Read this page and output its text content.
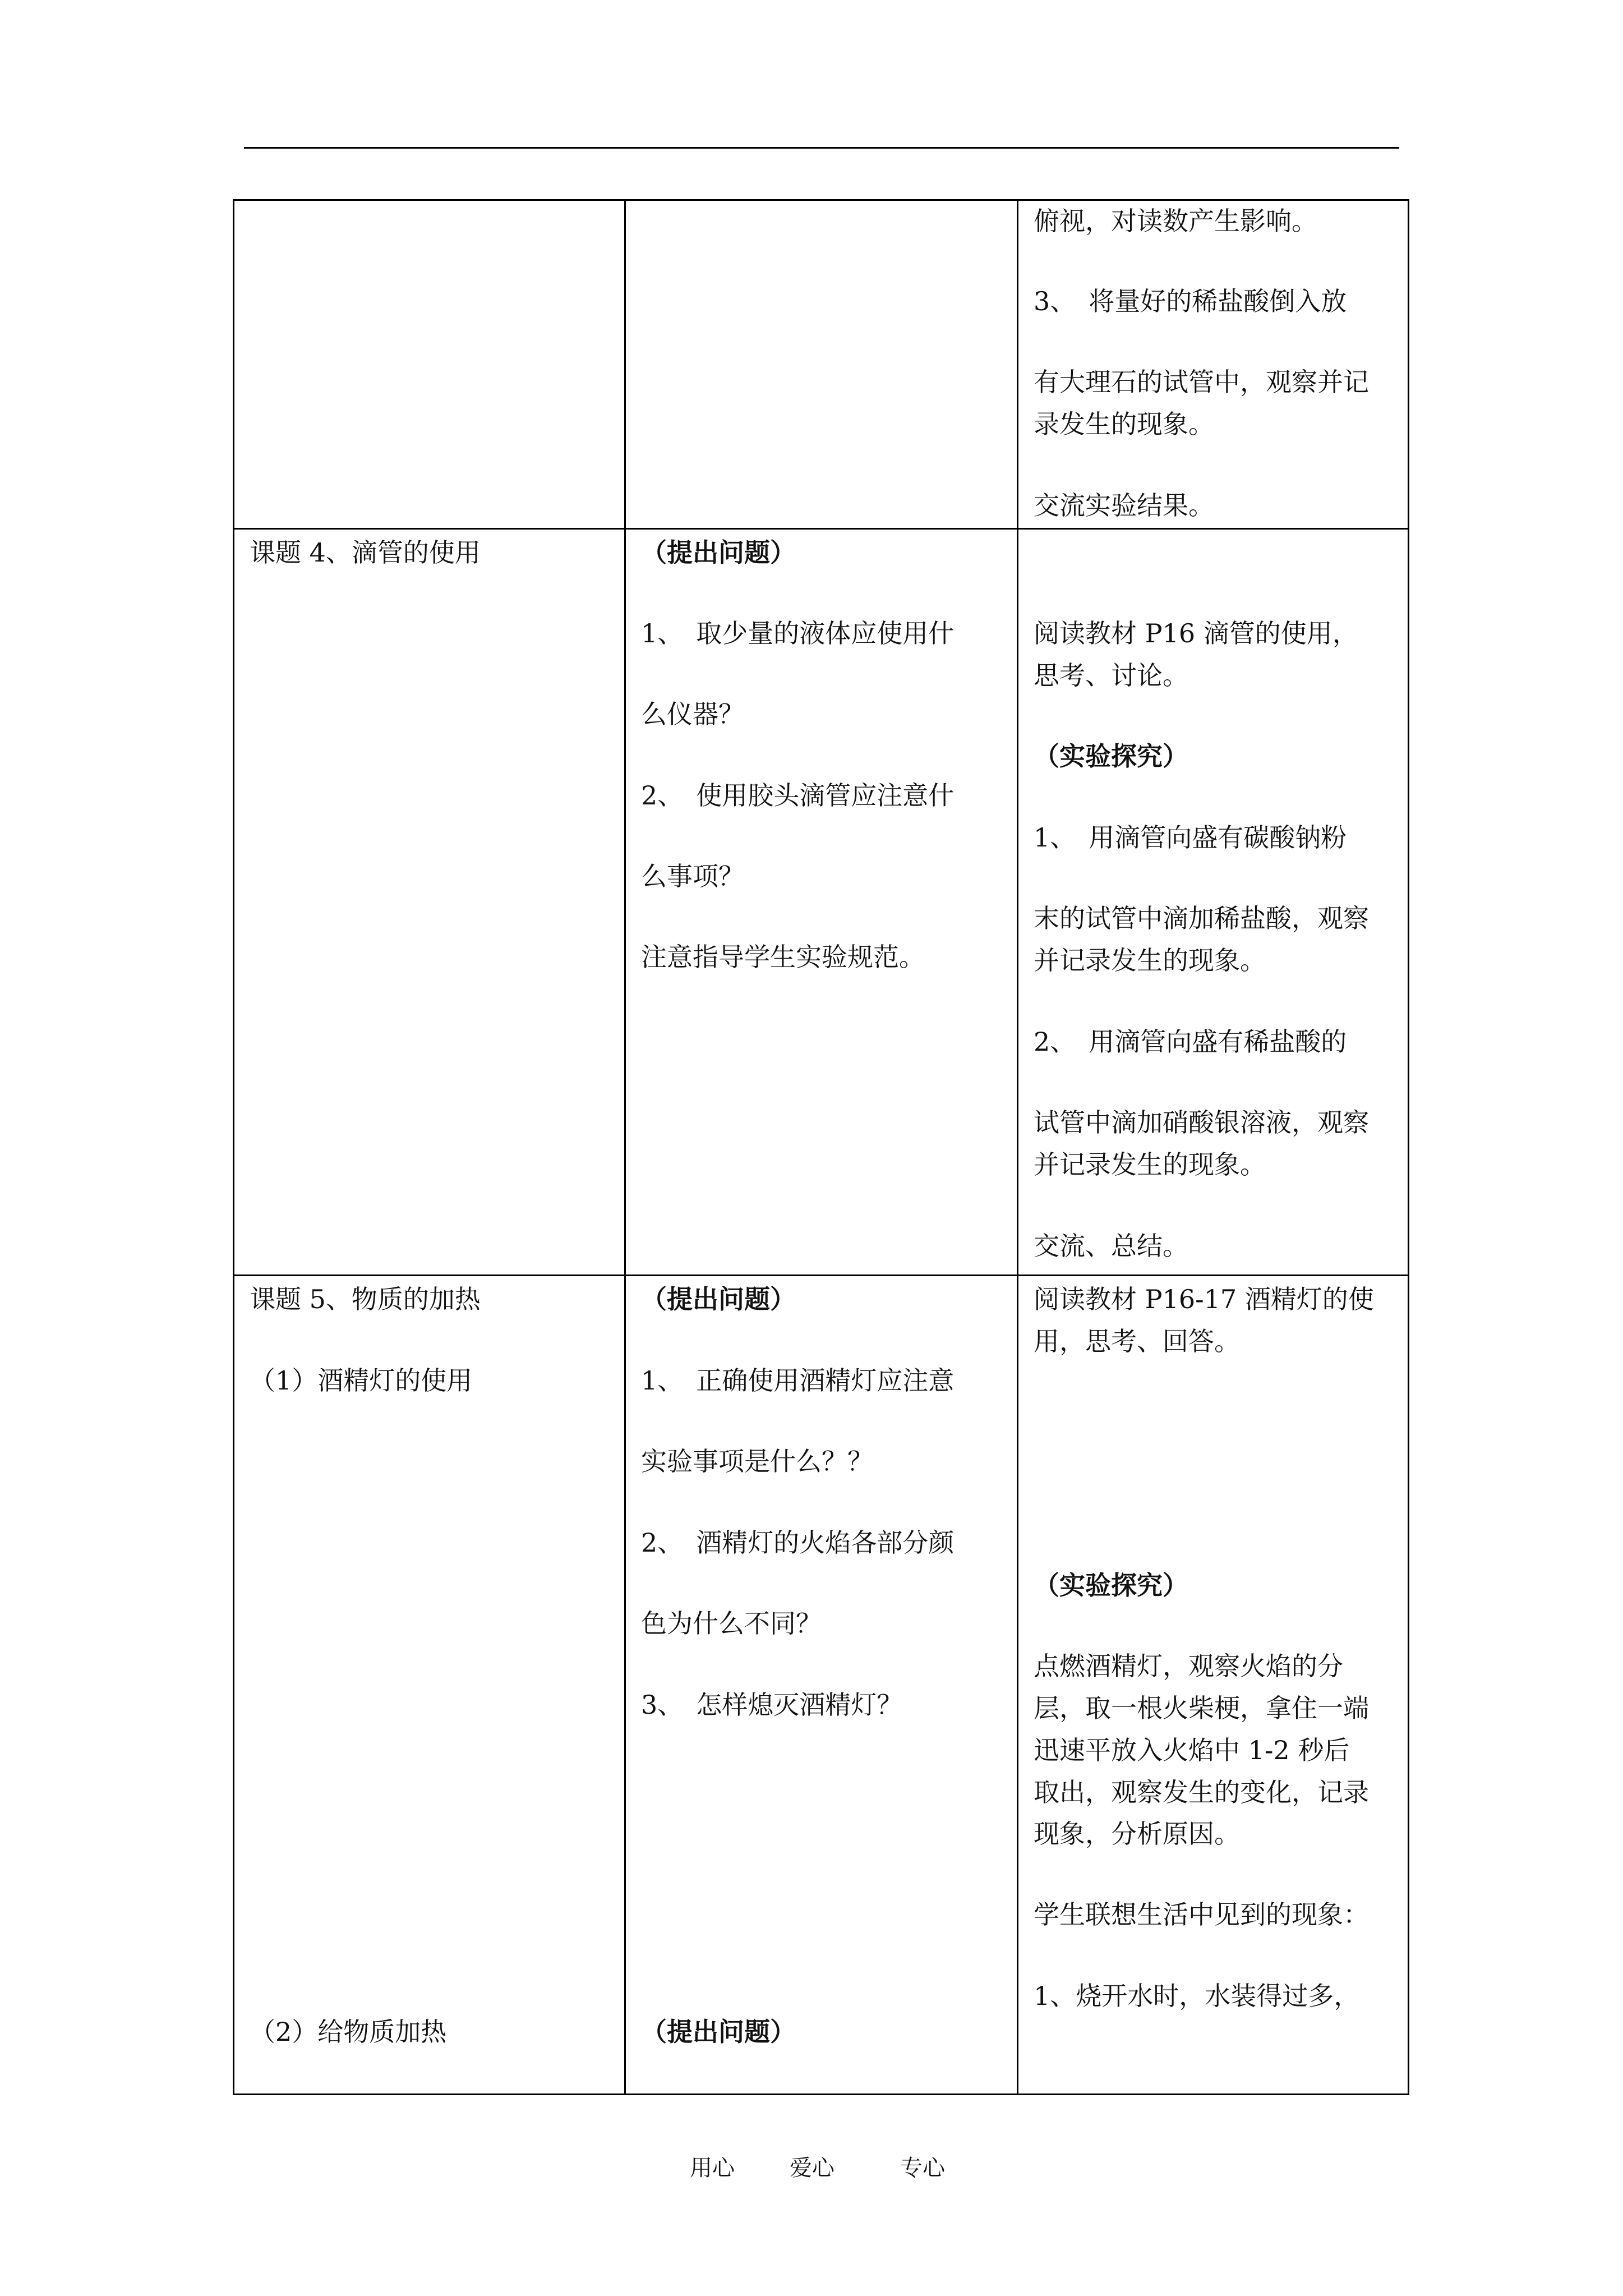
俯视，对读数产生影响。
3、　将量好的稀盐酸倒入放
有大理石的试管中，观察并记
录发生的现象。
交流实验结果。
课题 4、滴管的使用	（提出问题）
1、　取少量的液体应使用什
么仪器？
2、　使用胶头滴管应注意什
么事项？
注意指导学生实验规范。
阅读教材 P16 滴管的使用，
思考、讨论。
（实验探究）
1、　用滴管向盛有碳酸钠粉
末的试管中滴加稀盐酸，观察
并记录发生的现象。
2、　用滴管向盛有稀盐酸的
试管中滴加硝酸银溶液，观察
并记录发生的现象。
交流、总结。
课题 5、物质的加热
（1）酒精灯的使用
（2）给物质加热
（提出问题）
1、　正确使用酒精灯应注意
实验事项是什么？？
2、　酒精灯的火焰各部分颜
色为什么不同？
3、　怎样熄灭酒精灯？
（提出问题）
阅读教材 P16-17 酒精灯的使
用，思考、回答。
（实验探究）
点燃酒精灯，观察火焰的分
层，取一根火柴梗，拿住一端
迅速平放入火焰中 1-2 秒后
取出，观察发生的变化，记录
现象，分析原因。
学生联想生活中见到的现象：
1、烧开水时，水装得过多，
用心 爱心	专心
